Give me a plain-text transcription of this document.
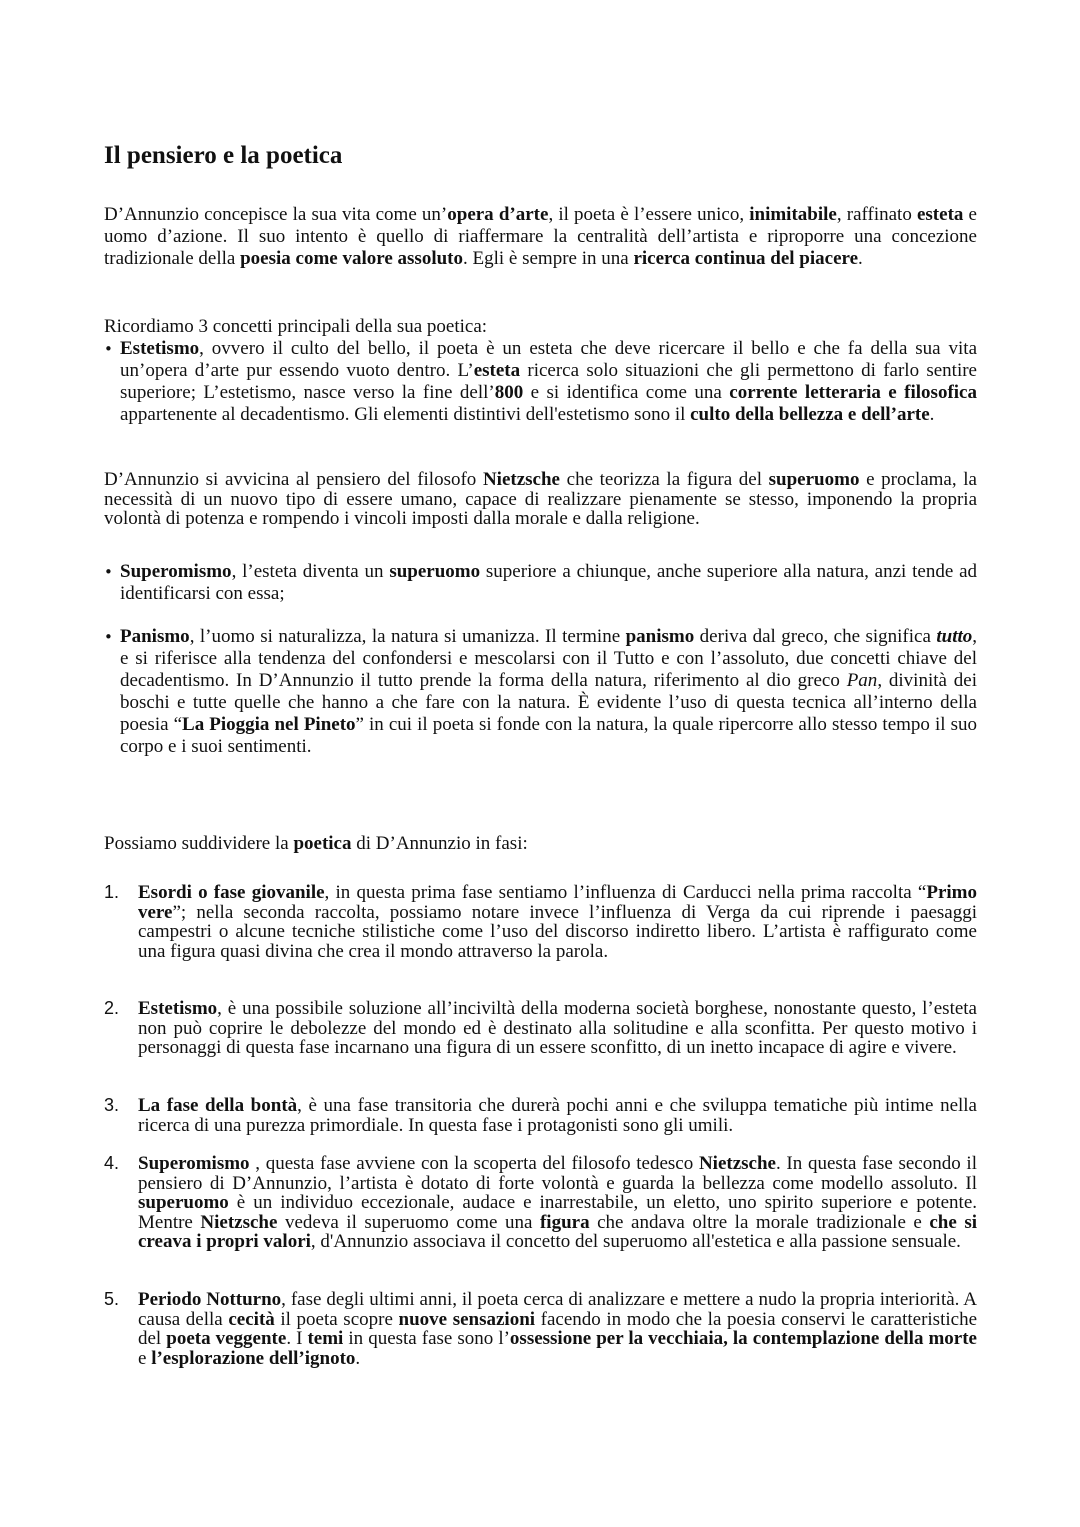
Il pensiero e la poetica

D’Annunzio concepisce la sua vita come un’opera d’arte, il poeta è l’essere unico, inimitabile, raffinato esteta e uomo d’azione. Il suo intento è quello di riaffermare la centralità dell’artista e riproporre una concezione tradizionale della poesia come valore assoluto. Egli è sempre in una ricerca continua del piacere.

Ricordiamo 3 concetti principali della sua poetica:

• Estetismo, ovvero il culto del bello, il poeta è un esteta che deve ricercare il bello e che fa della sua vita un’opera d’arte pur essendo vuoto dentro. L’esteta ricerca solo situazioni che gli permettono di farlo sentire superiore; L’estetismo, nasce verso la fine dell’800 e si identifica come una corrente letteraria e filosofica appartenente al decadentismo. Gli elementi distintivi dell'estetismo sono il culto della bellezza e dell’arte.

D’Annunzio si avvicina al pensiero del filosofo Nietzsche che teorizza la figura del superuomo e proclama, la necessità di un nuovo tipo di essere umano, capace di realizzare pienamente se stesso, imponendo la propria volontà di potenza e rompendo i vincoli imposti dalla morale e dalla religione.

• Superomismo, l’esteta diventa un superuomo superiore a chiunque, anche superiore alla natura, anzi tende ad identificarsi con essa;
• Panismo, l’uomo si naturalizza, la natura si umanizza. Il termine panismo deriva dal greco, che significa tutto, e si riferisce alla tendenza del confondersi e mescolarsi con il Tutto e con l’assoluto, due concetti chiave del decadentismo. In D’Annunzio il tutto prende la forma della natura, riferimento al dio greco Pan, divinità dei boschi e tutte quelle che hanno a che fare con la natura. È evidente l’uso di questa tecnica all’interno della poesia “La Pioggia nel Pineto” in cui il poeta si fonde con la natura, la quale ripercorre allo stesso tempo il suo corpo e i suoi sentimenti.

Possiamo suddividere la poetica di D’Annunzio in fasi:

1. Esordi o fase giovanile, in questa prima fase sentiamo l’influenza di Carducci nella prima raccolta “Primo vere”; nella seconda raccolta, possiamo notare invece l’influenza di Verga da cui riprende i paesaggi campestri o alcune tecniche stilistiche come l’uso del discorso indiretto libero. L’artista è raffigurato come una figura quasi divina che crea il mondo attraverso la parola.
2. Estetismo, è una possibile soluzione all’inciviltà della moderna società borghese, nonostante questo, l’esteta non può coprire le debolezze del mondo ed è destinato alla solitudine e alla sconfitta. Per questo motivo i personaggi di questa fase incarnano una figura di un essere sconfitto, di un inetto incapace di agire e vivere.
3. La fase della bontà, è una fase transitoria che durerà pochi anni e che sviluppa tematiche più intime nella ricerca di una purezza primordiale. In questa fase i protagonisti sono gli umili.
4. Superomismo , questa fase avviene con la scoperta del filosofo tedesco Nietzsche. In questa fase secondo il pensiero di D’Annunzio, l’artista è dotato di forte volontà e guarda la bellezza come modello assoluto. Il superuomo è un individuo eccezionale, audace e inarrestabile, un eletto, uno spirito superiore e potente. Mentre Nietzsche vedeva il superuomo come una figura che andava oltre la morale tradizionale e che si creava i propri valori, d'Annunzio associava il concetto del superuomo all'estetica e alla passione sensuale.
5. Periodo Notturno, fase degli ultimi anni, il poeta cerca di analizzare e mettere a nudo la propria interiorità. A causa della cecità il poeta scopre nuove sensazioni facendo in modo che la poesia conservi le caratteristiche del poeta veggente. I temi in questa fase sono l’ossessione per la vecchiaia, la contemplazione della morte e l’esplorazione dell’ignoto.
